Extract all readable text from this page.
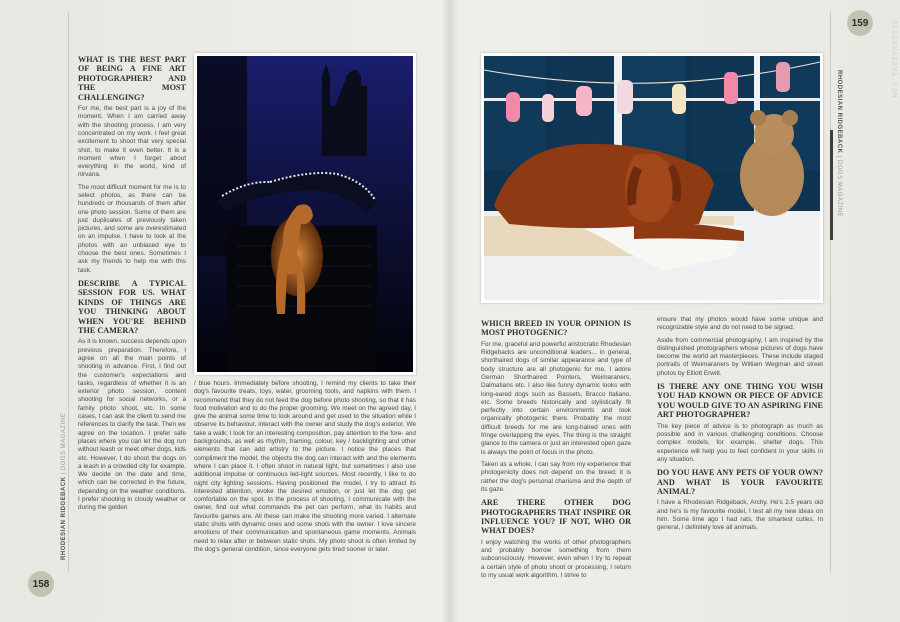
OLGAKHAZOVA.COM
RHODESIAN RIDGEBACK | DOGS MAGAZINE
158
WHAT IS THE BEST PART OF BEING A FINE ART PHOTOGRAPHER? AND THE MOST CHALLENGING?

For me, the best part is a joy of the moment. When I am carried away with the shooting process, I am very concentrated on my work. I feel great excitement to shoot that very special shot, to make it even better. It is a moment when I forget about everything in the world, kind of nirvana.

The most difficult moment for me is to select photos, as there can be hundreds or thousands of them after one photo session. Some of them are just duplicates of previously taken pictures, and some are overestimated on an impulse. I have to look at the photos with an unbiased eye to choose the best ones. Sometimes I ask my friends to help me with this task.

DESCRIBE A TYPICAL SESSION FOR US. WHAT KINDS OF THINGS ARE YOU THINKING ABOUT WHEN YOU'RE BEHIND THE CAMERA?

As it is known, success depends upon previous preparation. Therefore, I agree on all the main points of shooting in advance. First, I find out the customer's expectations and tasks, regardless of whether it is an exterior photo session, content shooting for social networks, or a family photo shoot, etc. In some cases, I can ask the client to send me references to clarify the task. Then we agree on the location. I prefer safe places where you can let the dog run without leash or meet other dogs, kids etc. However, I do shoot the dogs on a leash in a crowded city for example. We decide on the date and time, which can be corrected in the future, depending on the weather conditions. I prefer shooting in cloudy weather or during the golden

/ blue hours. Immediately before shooting, I remind my clients to take their dog's favourite treats, toys, water, grooming tools, and napkins with them. I recommend that they do not feed the dog before photo shooting, so that it has food motivation and to do the proper grooming. We meet on the agreed day, I give the animal some time to look around and get used to the situation while I observe its behaviour, interact with the owner and study the dog's exterior. We take a walk; I look for an interesting composition, pay attention to the fore- and backgrounds, as well as rhythm, framing, colour, key / backlighting and other elements that can add artistry to the picture. I notice the places that compliment the model, the objects the dog can interact with and the elements where I can place it. I often shoot in natural light, but sometimes I also use additional impulse or continuous led-light sources. Most recently, I like to do night city lighting sessions. Having positioned the model, I try to attract its interested attention, evoke the desired emotion, or just let the dog get comfortable on the spot. In the process of shooting, I communicate with the owner, find out what commands the pet can perform, what its habits and favourite games are. All these can make the shooting more varied. I alternate static shots with dynamic ones and some shots with the owner. I love sincere emotions of their communication and spontaneous game moments. Animals need to relax after or between static shots. My photo shoot is often limited by the dog's general condition, since everyone gets tired sooner or later.

RHODESIAN RIDGEBACK | DOGS MAGAZINE
159
WHICH BREED IN YOUR OPINION IS MOST PHOTOGENIC?

For me, graceful and powerful aristocratic Rhodesian Ridgebacks are unconditional leaders... in general, shorthaired dogs of similar appearance and type of body structure are all photogenic for me. I adore German Shorthaired Pointers, Weimaraners, Dalmatians etc. I also like funny dynamic looks with long-eared dogs such as Bassets, Bracco Italiano, etc. Some breeds historically and stylistically fit perfectly into certain environments and look organically photogenic there. Probably the most difficult breeds for me are long-haired ones with fringe overlapping the eyes. The thing is the straight glance to the camera or just an interested open gaze is always the point of focus in the photo.

Taken as a whole, I can say from my experience that photogenicity does not depend on the breed; it is rather the dog's personal charisma and the depth of its gaze.

ARE THERE OTHER DOG PHOTOGRAPHERS THAT INSPIRE OR INFLUENCE YOU? IF NOT, WHO OR WHAT DOES?

I enjoy watching the works of other photographers and probably borrow something from them subconsciously. However, even when I try to repeat a certain style of photo shoot or processing, I return to my usual work algorithm. I strive to

ensure that my photos would have some unique and recognizable style and do not need to be signed.

Aside from commercial photography, I am inspired by the distinguished photographers whose pictures of dogs have become the world art masterpieces. These include staged portraits of Weimaraners by William Wegman and street photos by Elliott Erwitt.

IS THERE ANY ONE THING YOU WISH YOU HAD KNOWN OR PIECE OF ADVICE YOU WOULD GIVE TO AN ASPIRING FINE ART PHOTOGRAPHER?

The key piece of advice is to photograph as much as possible and in various challenging conditions. Choose complex models, for example, shelter dogs. This experience will help you to feel confident in your skills in any situation.

DO YOU HAVE ANY PETS OF YOUR OWN? AND WHAT IS YOUR FAVOURITE ANIMAL?

I have a Rhodesian Ridgeback, Archy. He's 2.5 years old and he's is my favourite model, I test all my new ideas on him. Some time ago I had rats, the smartest cuties. In general, I definitely love all animals.
